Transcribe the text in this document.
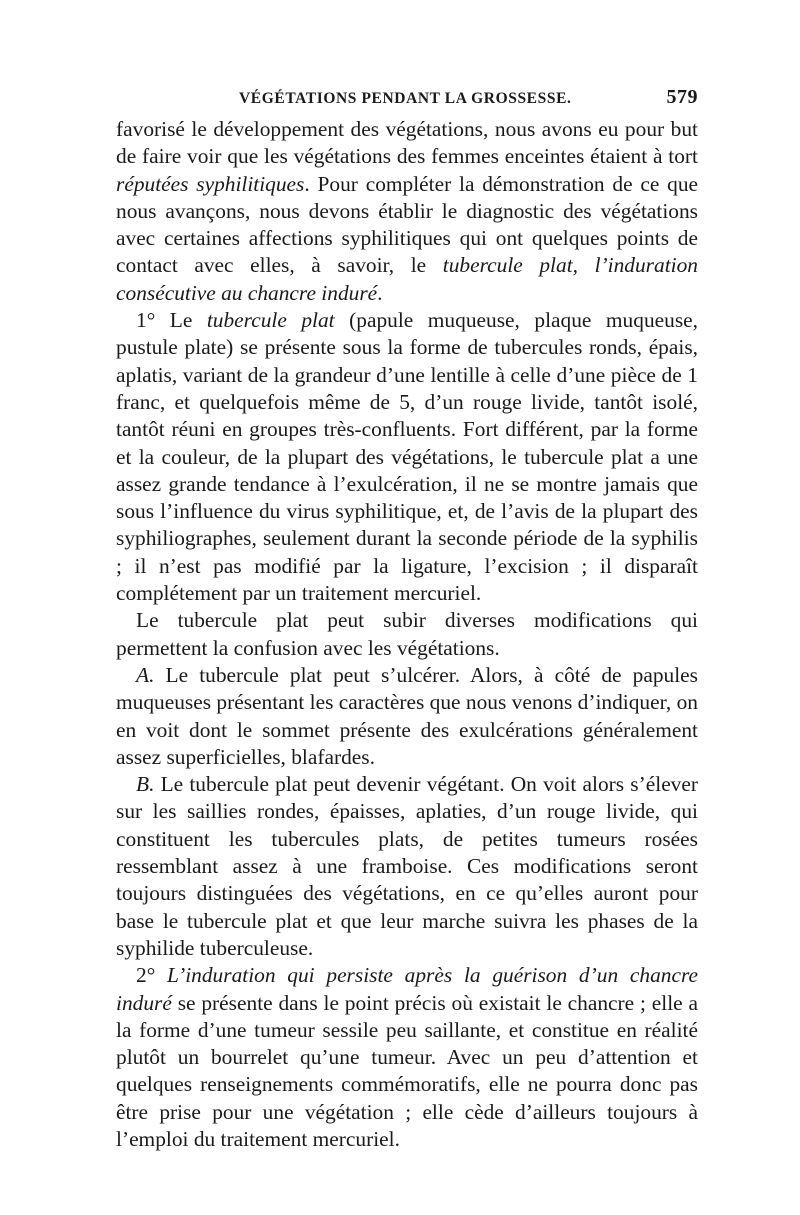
VÉGÉTATIONS PENDANT LA GROSSESSE.	579

favorisé le développement des végétations, nous avons eu pour but de faire voir que les végétations des femmes enceintes étaient à tort réputées syphilitiques. Pour compléter la démonstration de ce que nous avançons, nous devons établir le diagnostic des végétations avec certaines affections syphilitiques qui ont quelques points de contact avec elles, à savoir, le tubercule plat, l’induration consécutive au chancre induré.

1° Le tubercule plat (papule muqueuse, plaque muqueuse, pustule plate) se présente sous la forme de tubercules ronds, épais, aplatis, variant de la grandeur d’une lentille à celle d’une pièce de 1 franc, et quelquefois même de 5, d’un rouge livide, tantôt isolé, tantôt réuni en groupes très-confluents. Fort différent, par la forme et la couleur, de la plupart des végétations, le tubercule plat a une assez grande tendance à l’exulcération, il ne se montre jamais que sous l’influence du virus syphilitique, et, de l’avis de la plupart des syphiliographes, seulement durant la seconde période de la syphilis ; il n’est pas modifié par la ligature, l’excision ; il disparaît complétement par un traitement mercuriel.

Le tubercule plat peut subir diverses modifications qui permettent la confusion avec les végétations.

A. Le tubercule plat peut s’ulcérer. Alors, à côté de papules muqueuses présentant les caractères que nous venons d’indiquer, on en voit dont le sommet présente des exulcérations généralement assez superficielles, blafardes.

B. Le tubercule plat peut devenir végétant. On voit alors s’élever sur les saillies rondes, épaisses, aplaties, d’un rouge livide, qui constituent les tubercules plats, de petites tumeurs rosées ressemblant assez à une framboise. Ces modifications seront toujours distinguées des végétations, en ce qu’elles auront pour base le tubercule plat et que leur marche suivra les phases de la syphilide tuberculeuse.

2° L’induration qui persiste après la guérison d’un chancre induré se présente dans le point précis où existait le chancre ; elle a la forme d’une tumeur sessile peu saillante, et constitue en réalité plutôt un bourrelet qu’une tumeur. Avec un peu d’attention et quelques renseignements commémoratifs, elle ne pourra donc pas être prise pour une végétation ; elle cède d’ailleurs toujours à l’emploi du traitement mercuriel.
